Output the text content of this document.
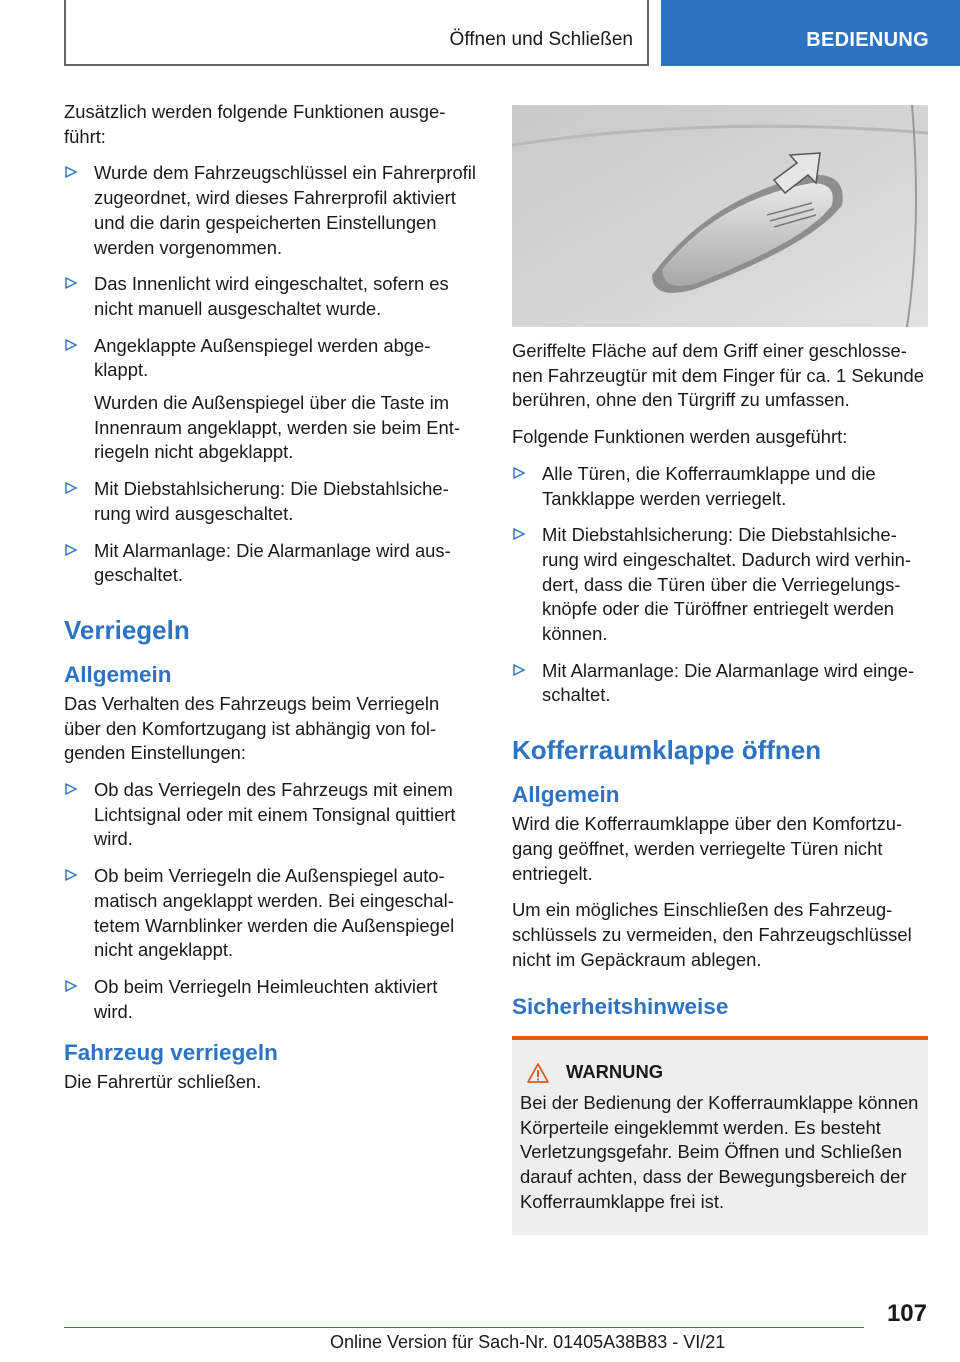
Öffnen und Schließen	BEDIENUNG

Zusätzlich werden folgende Funktionen ausgeführt:

Wurde dem Fahrzeugschlüssel ein Fahrerprofil zugeordnet, wird dieses Fahrerprofil aktiviert und die darin gespeicherten Einstellungen werden vorgenommen.
Das Innenlicht wird eingeschaltet, sofern es nicht manuell ausgeschaltet wurde.
Angeklappte Außenspiegel werden abgeklappt.
Wurden die Außenspiegel über die Taste im Innenraum angeklappt, werden sie beim Entriegeln nicht abgeklappt.
Mit Diebstahlsicherung: Die Diebstahlsicherung wird ausgeschaltet.
Mit Alarmanlage: Die Alarmanlage wird ausgeschaltet.
Verriegeln
Allgemein

Das Verhalten des Fahrzeugs beim Verriegeln über den Komfortzugang ist abhängig von folgenden Einstellungen:

Ob das Verriegeln des Fahrzeugs mit einem Lichtsignal oder mit einem Tonsignal quittiert wird.
Ob beim Verriegeln die Außenspiegel automatisch angeklappt werden. Bei eingeschaltetem Warnblinker werden die Außenspiegel nicht angeklappt.
Ob beim Verriegeln Heimleuchten aktiviert wird.
Fahrzeug verriegeln

Die Fahrertür schließen.

Geriffelte Fläche auf dem Griff einer geschlossenen Fahrzeugtür mit dem Finger für ca. 1 Sekunde berühren, ohne den Türgriff zu umfassen.

Folgende Funktionen werden ausgeführt:

Alle Türen, die Kofferraumklappe und die Tankklappe werden verriegelt.
Mit Diebstahlsicherung: Die Diebstahlsicherung wird eingeschaltet. Dadurch wird verhindert, dass die Türen über die Verriegelungsknöpfe oder die Türöffner entriegelt werden können.
Mit Alarmanlage: Die Alarmanlage wird eingeschaltet.
Kofferraumklappe öffnen
Allgemein

Wird die Kofferraumklappe über den Komfortzugang geöffnet, werden verriegelte Türen nicht entriegelt.

Um ein mögliches Einschließen des Fahrzeugschlüssels zu vermeiden, den Fahrzeugschlüssel nicht im Gepäckraum ablegen.

Sicherheitshinweise
WARNUNG

Bei der Bedienung der Kofferraumklappe können Körperteile eingeklemmt werden. Es besteht Verletzungsgefahr. Beim Öffnen und Schließen darauf achten, dass der Bewegungsbereich der Kofferraumklappe frei ist.

107
Online Version für Sach-Nr. 01405A38B83 - VI/21
